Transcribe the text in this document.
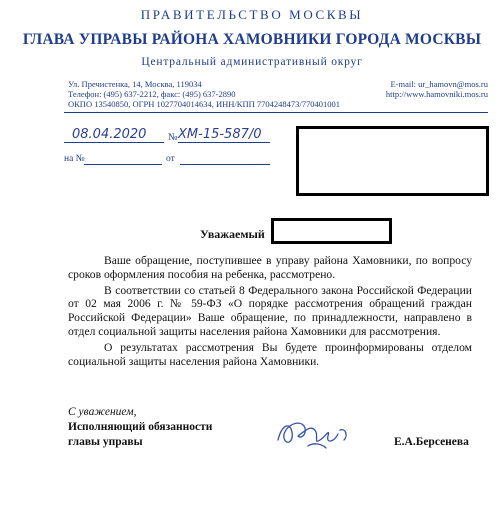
ПРАВИТЕЛЬСТВО МОСКВЫ
ГЛАВА УПРАВЫ РАЙОНА ХАМОВНИКИ ГОРОДА МОСКВЫ
Центральный административный округ
Ул. Пречистенка, 14, Москва, 119034
Телефон: (495) 637-2212, факс: (495) 637-2890
ОКПО 13540850, ОГРН 1027704014634, ИНН/КПП 7704248473/770401001
E-mail: ur_hamovn@mos.ru
http://www.hamovniki.mos.ru
08.04.2020 № ХМ-15-587/0
на №	от
Уважаемый

Ваше обращение, поступившее в управу района Хамовники, по вопросу сроков оформления пособия на ребенка, рассмотрено.

В соответствии со статьей 8 Федерального закона Российской Федерации от 02 мая 2006 г. № 59-ФЗ «О порядке рассмотрения обращений граждан Российской Федерации» Ваше обращение, по принадлежности, направлено в отдел социальной защиты населения района Хамовники для рассмотрения.

О результатах рассмотрения Вы будете проинформированы отделом социальной защиты населения района Хамовники.

С уважением,
Исполняющий обязанности
главы управы	Е.А.Берсенева
